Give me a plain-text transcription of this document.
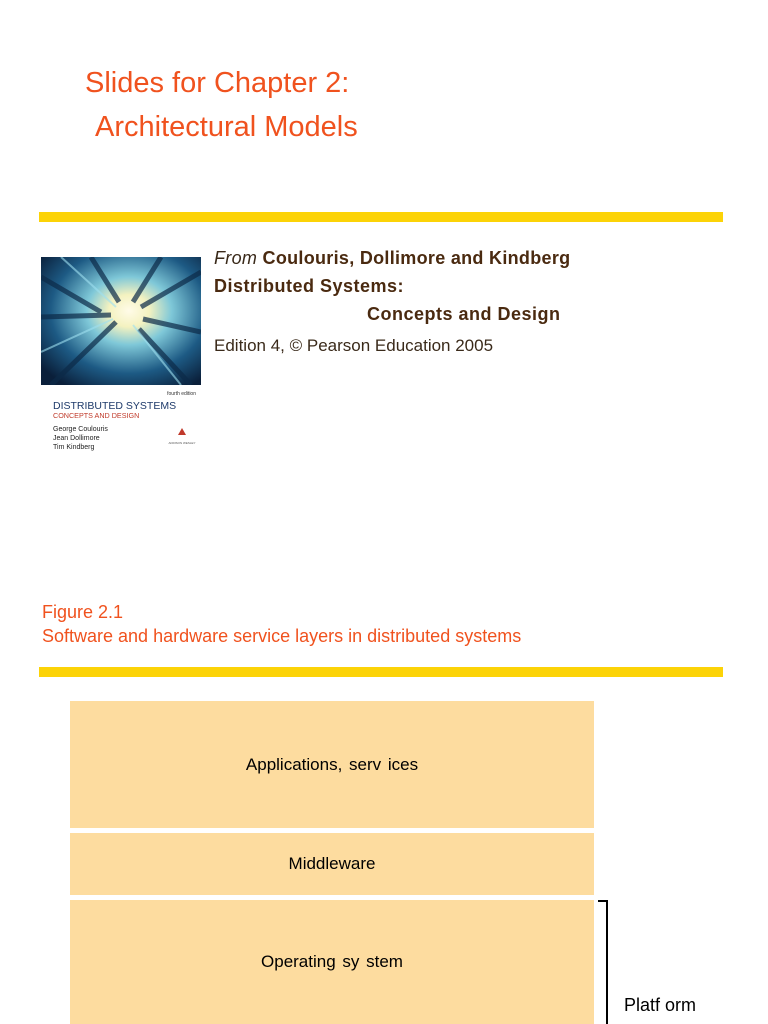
Slides for Chapter 2:
Architectural Models
fourth edition
DISTRIBUTED SYSTEMS
CONCEPTS AND DESIGN
George Coulouris
Jean Dollimore
Tim Kindberg
ADDISON WESLEY
From Coulouris, Dollimore and Kindberg
Distributed Systems:
Concepts and Design
Edition 4, © Pearson Education 2005
Figure 2.1
Software and hardware service layers in distributed systems
Applications, serv ices
Middleware
Operating sy stem
Platf orm
